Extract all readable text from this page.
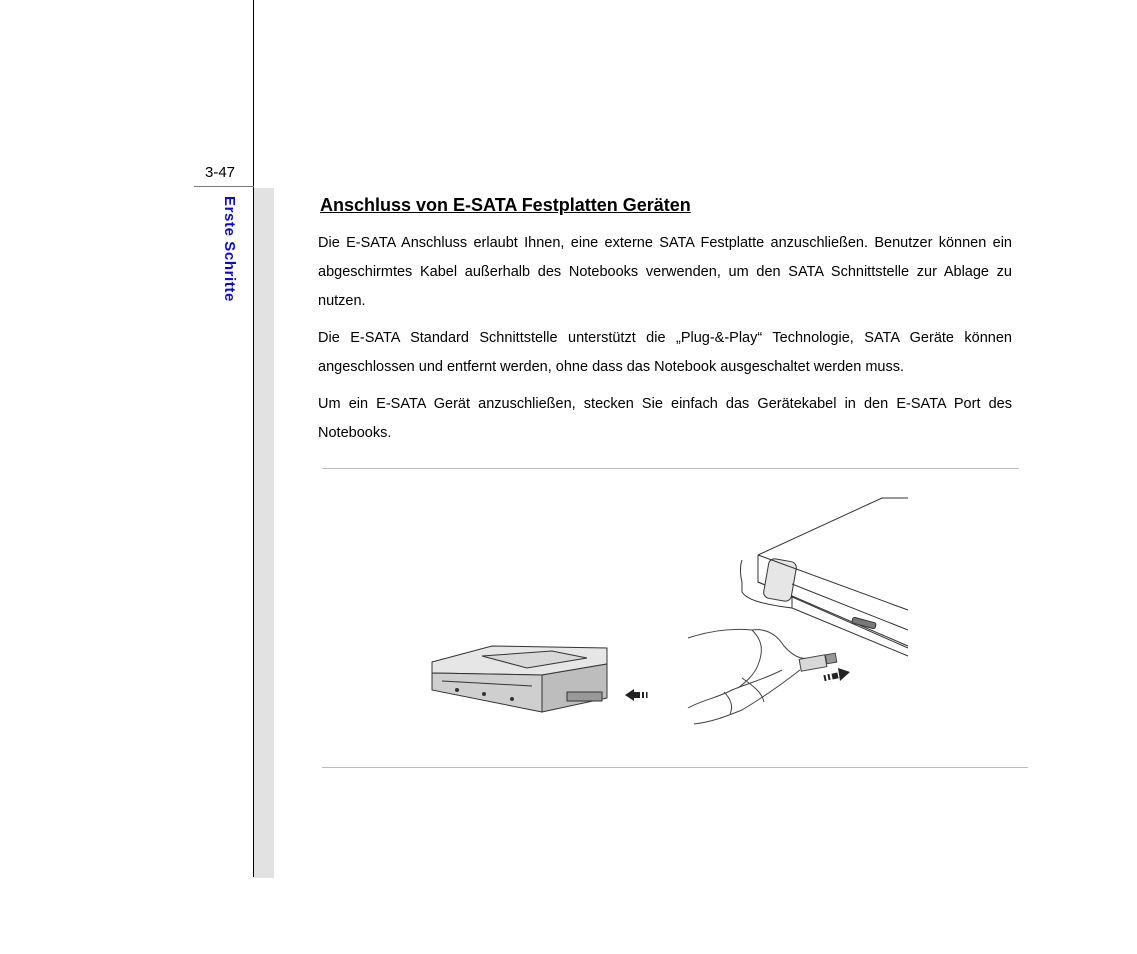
3-47
Erste Schritte	Anschluss von E-SATA Festplatten Geräten

Die E-SATA Anschluss erlaubt Ihnen, eine externe SATA Festplatte anzuschließen. Benutzer können ein abgeschirmtes Kabel außerhalb des Notebooks verwenden, um den SATA Schnittstelle zur Ablage zu nutzen.

Die E-SATA Standard Schnittstelle unterstützt die „Plug-&-Play“ Technologie, SATA Geräte können angeschlossen und entfernt werden, ohne dass das Notebook ausgeschaltet werden muss.

Um ein E-SATA Gerät anzuschließen, stecken Sie einfach das Gerätekabel in den E-SATA Port des Notebooks.
